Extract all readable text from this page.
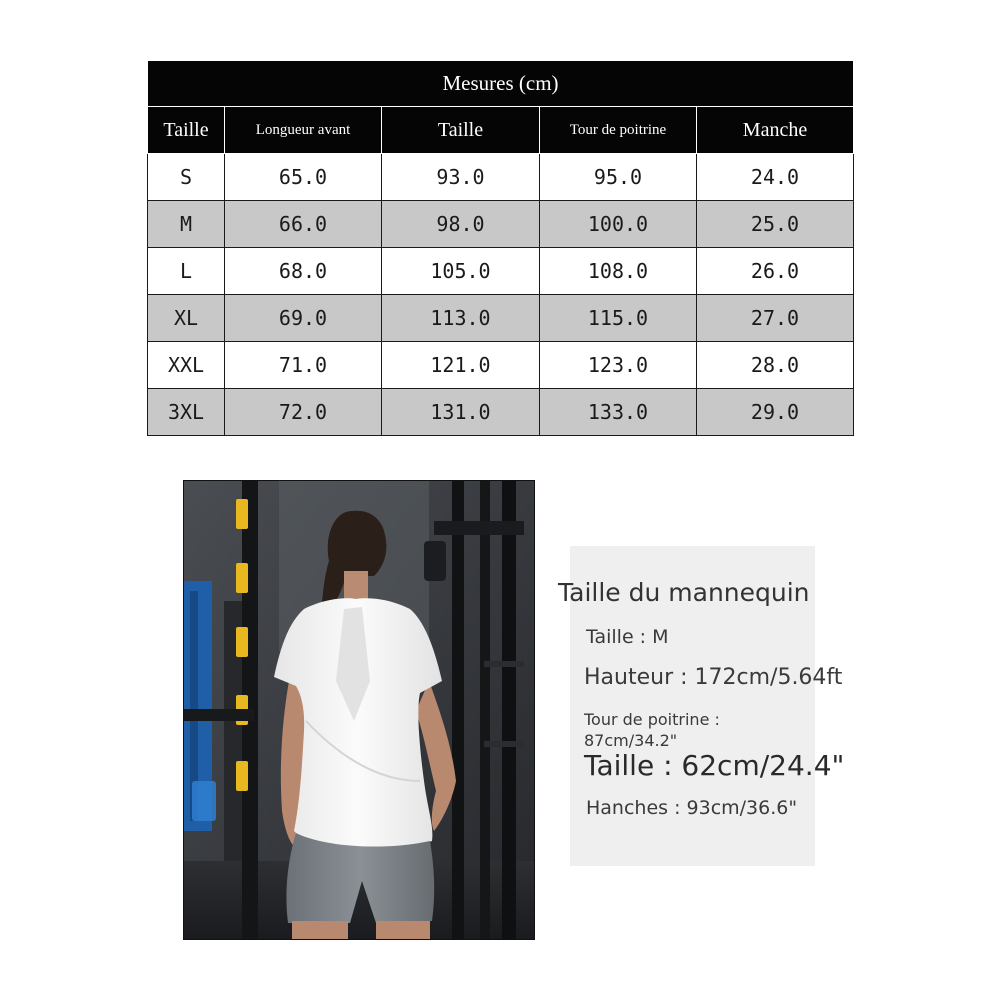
Mesures (cm)				
Taille	Longueur avant	Taille	Tour de poitrine	Manche
S	65.0	93.0	95.0	24.0
M	66.0	98.0	100.0	25.0
L	68.0	105.0	108.0	26.0
XL	69.0	113.0	115.0	27.0
XXL	71.0	121.0	123.0	28.0
3XL	72.0	131.0	133.0	29.0
Taille du mannequin
Taille : M
Hauteur : 172cm/5.64ft
Tour de poitrine :
87cm/34.2"
Taille : 62cm/24.4"
Hanches : 93cm/36.6"
